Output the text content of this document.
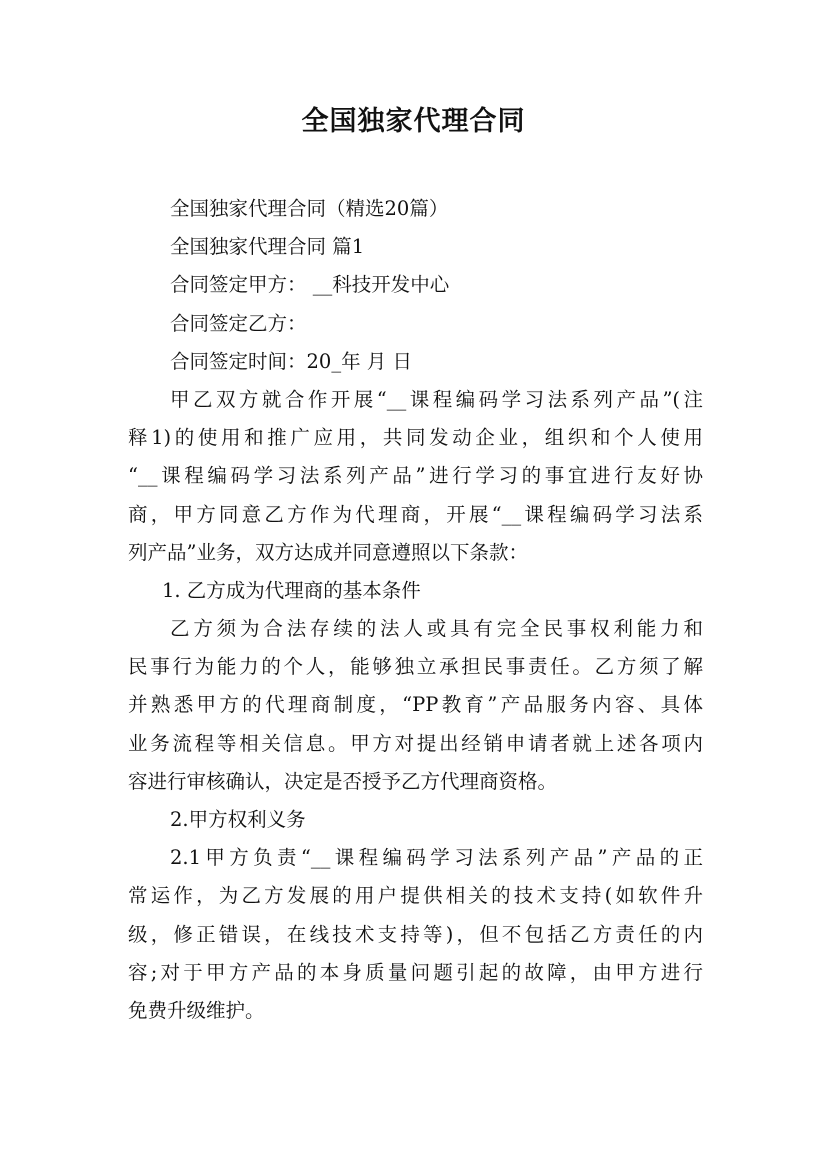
全国独家代理合同
全国独家代理合同（精选20篇）
全国独家代理合同 篇1
合同签定甲方： __科技开发中心
合同签定乙方：
合同签定时间：20_年 月 日
甲乙双方就合作开展“__课程编码学习法系列产品”(注
释1)的使用和推广应用，共同发动企业，组织和个人使用
“__课程编码学习法系列产品”进行学习的事宜进行友好协
商，甲方同意乙方作为代理商，开展“__课程编码学习法系
列产品”业务，双方达成并同意遵照以下条款：
1. 乙方成为代理商的基本条件
乙方须为合法存续的法人或具有完全民事权利能力和
民事行为能力的个人，能够独立承担民事责任。乙方须了解
并熟悉甲方的代理商制度，“PP教育”产品服务内容、具体
业务流程等相关信息。甲方对提出经销申请者就上述各项内
容进行审核确认，决定是否授予乙方代理商资格。
2.甲方权利义务
2.1甲方负责“__课程编码学习法系列产品”产品的正
常运作，为乙方发展的用户提供相关的技术支持(如软件升
级，修正错误，在线技术支持等)，但不包括乙方责任的内
容;对于甲方产品的本身质量问题引起的故障，由甲方进行
免费升级维护。
